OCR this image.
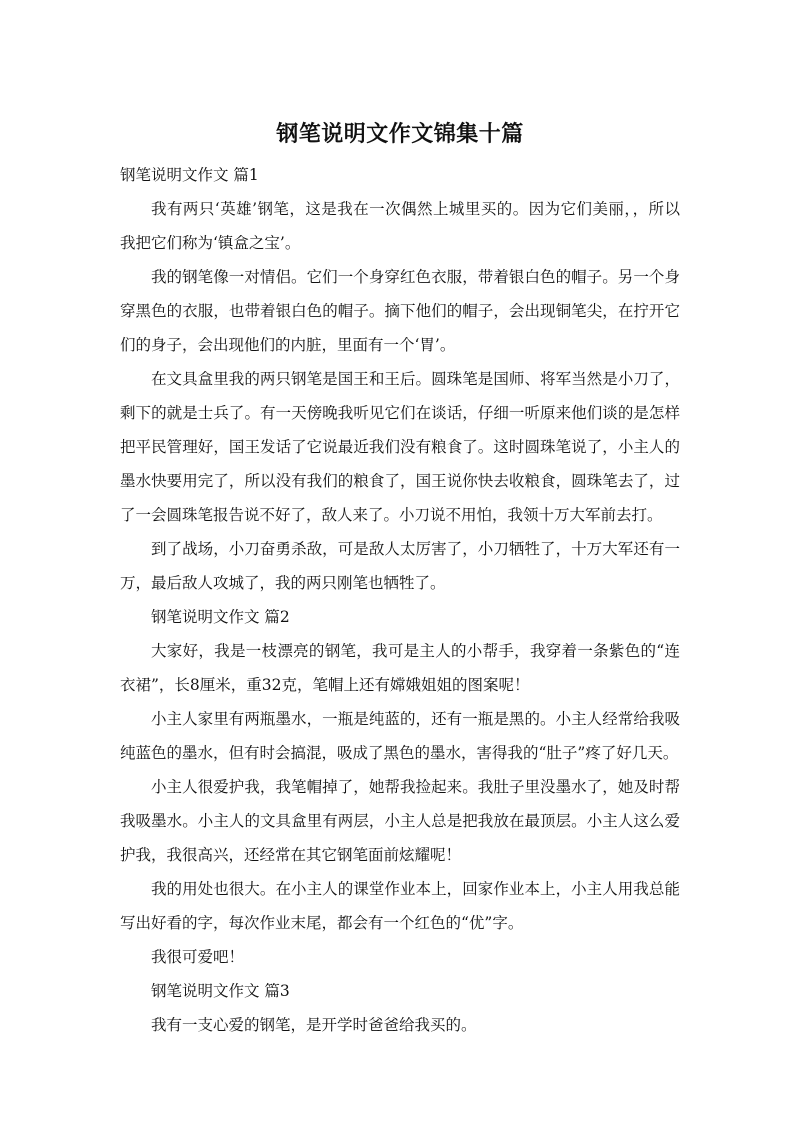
钢笔说明文作文锦集十篇

钢笔说明文作文 篇1

我有两只‘英雄’钢笔，这是我在一次偶然上城里买的。因为它们美丽，，所以我把它们称为‘镇盒之宝’。

我的钢笔像一对情侣。它们一个身穿红色衣服，带着银白色的帽子。另一个身穿黑色的衣服，也带着银白色的帽子。摘下他们的帽子，会出现铜笔尖，在拧开它们的身子，会出现他们的内脏，里面有一个‘胃’。

在文具盒里我的两只钢笔是国王和王后。圆珠笔是国师、将军当然是小刀了，剩下的就是士兵了。有一天傍晚我听见它们在谈话，仔细一听原来他们谈的是怎样把平民管理好，国王发话了它说最近我们没有粮食了。这时圆珠笔说了，小主人的墨水快要用完了，所以没有我们的粮食了，国王说你快去收粮食，圆珠笔去了，过了一会圆珠笔报告说不好了，敌人来了。小刀说不用怕，我领十万大军前去打。

到了战场，小刀奋勇杀敌，可是敌人太厉害了，小刀牺牲了，十万大军还有一万，最后敌人攻城了，我的两只刚笔也牺牲了。

钢笔说明文作文 篇2

大家好，我是一枝漂亮的钢笔，我可是主人的小帮手，我穿着一条紫色的“连衣裙”，长8厘米，重32克，笔帽上还有嫦娥姐姐的图案呢！

小主人家里有两瓶墨水，一瓶是纯蓝的，还有一瓶是黑的。小主人经常给我吸纯蓝色的墨水，但有时会搞混，吸成了黑色的墨水，害得我的“肚子”疼了好几天。

小主人很爱护我，我笔帽掉了，她帮我捡起来。我肚子里没墨水了，她及时帮我吸墨水。小主人的文具盒里有两层，小主人总是把我放在最顶层。小主人这么爱护我，我很高兴，还经常在其它钢笔面前炫耀呢！

我的用处也很大。在小主人的课堂作业本上，回家作业本上，小主人用我总能写出好看的字，每次作业末尾，都会有一个红色的“优”字。

我很可爱吧！

钢笔说明文作文 篇3

我有一支心爱的钢笔，是开学时爸爸给我买的。
